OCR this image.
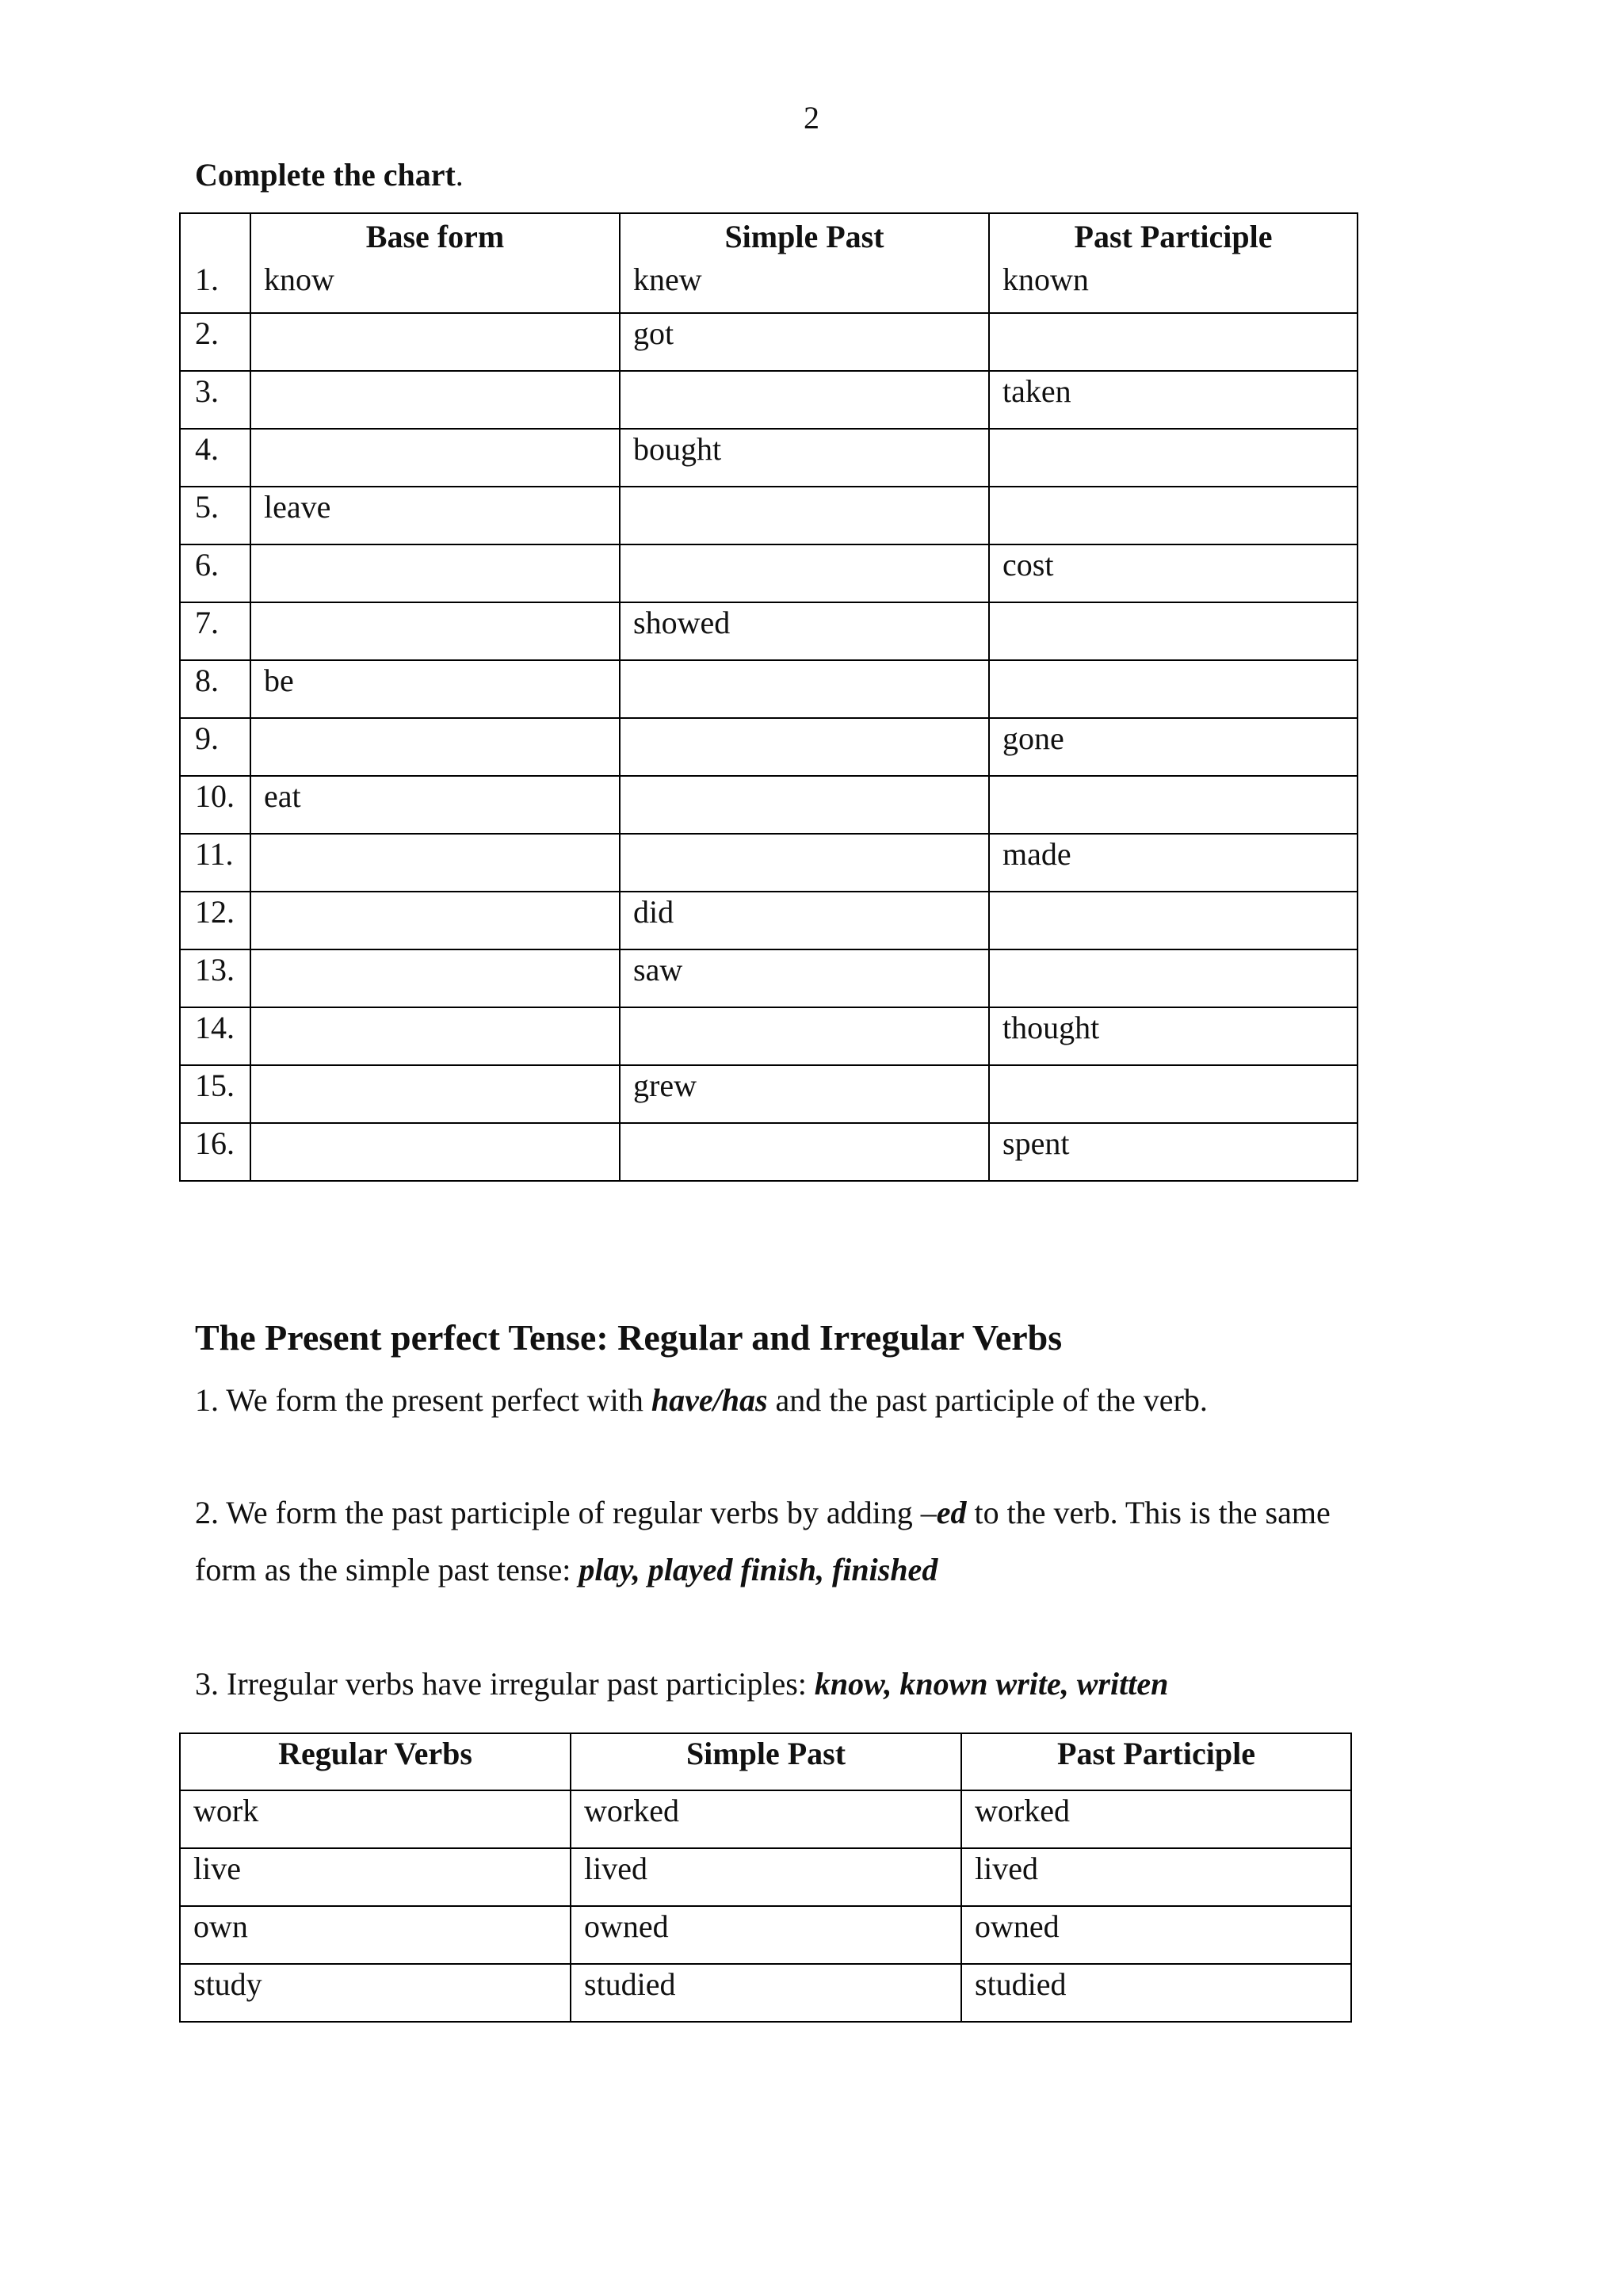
2
Complete the chart.
	Base form	Simple Past	Past Participle
1.	know	knew	known
2.		got	
3.			taken
4.		bought	
5.	leave		
6.			cost
7.		showed	
8.	be		
9.			gone
10.	eat		
11.			made
12.		did	
13.		saw	
14.			thought
15.		grew	
16.			spent
The Present perfect Tense: Regular and Irregular Verbs
1. We form the present perfect with have/has and the past participle of the verb.
2. We form the past participle of regular verbs by adding –ed to the verb. This is the same
form as the simple past tense: play, played finish, finished
3. Irregular verbs have irregular past participles: know, known write, written
Regular Verbs	Simple Past	Past Participle
work	worked	worked
live	lived	lived
own	owned	owned
study	studied	studied
